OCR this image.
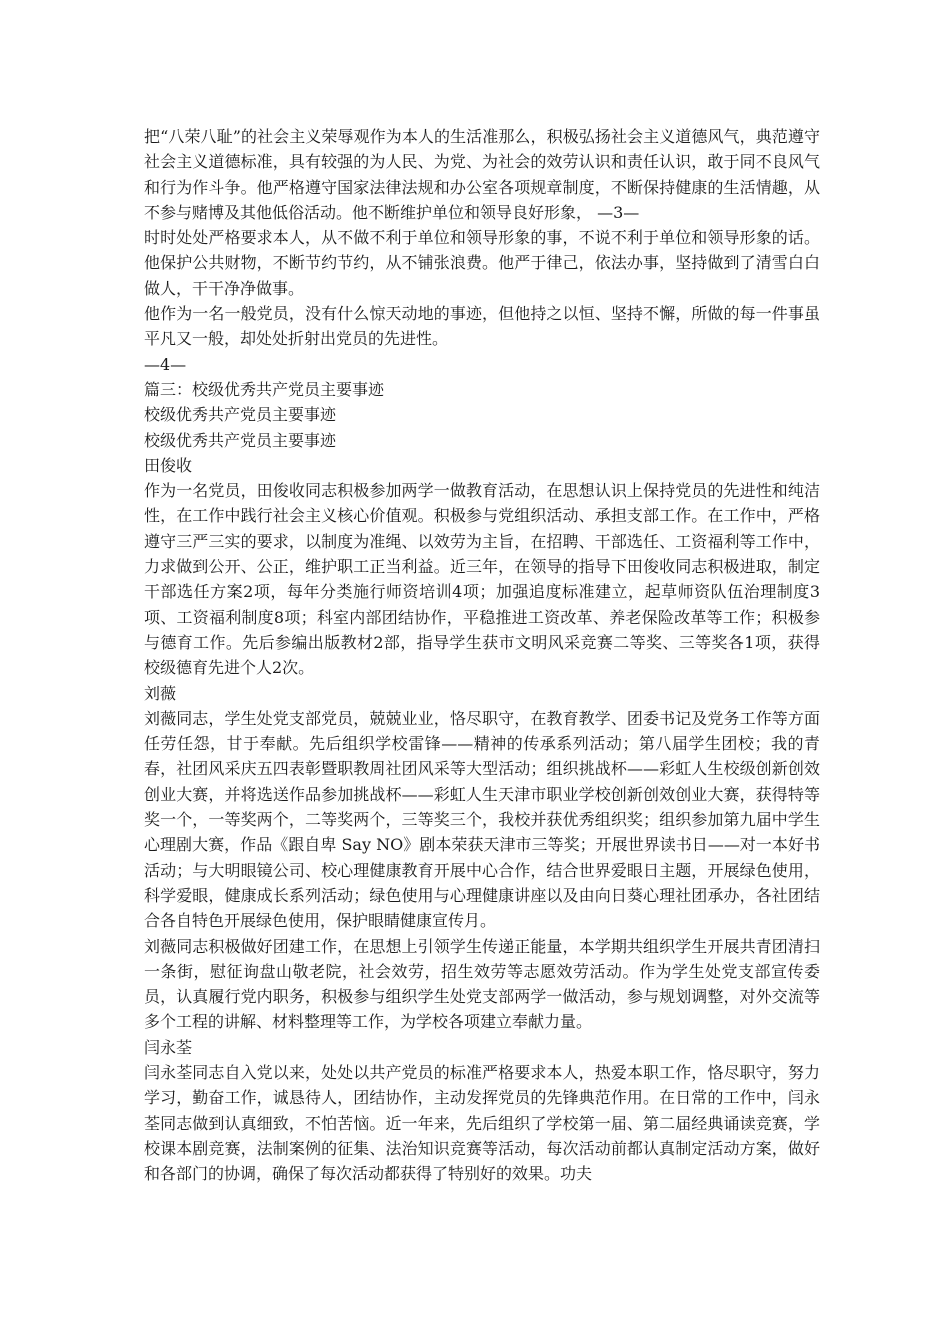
把“八荣八耻”的社会主义荣辱观作为本人的生活准那么，积极弘扬社会主义道德风气，典范遵守社会主义道德标准，具有较强的为人民、为党、为社会的效劳认识和责任认识，敢于同不良风气和行为作斗争。他严格遵守国家法律法规和办公室各项规章制度，不断保持健康的生活情趣，从不参与赌博及其他低俗活动。他不断维护单位和领导良好形象， —3—

时时处处严格要求本人，从不做不利于单位和领导形象的事，不说不利于单位和领导形象的话。他保护公共财物，不断节约节约，从不铺张浪费。他严于律己，依法办事，坚持做到了清雪白白做人，干干净净做事。

他作为一名一般党员，没有什么惊天动地的事迹，但他持之以恒、坚持不懈，所做的每一件事虽平凡又一般，却处处折射出党员的先进性。

—4—

篇三：校级优秀共产党员主要事迹

校级优秀共产党员主要事迹

校级优秀共产党员主要事迹

田俊收

作为一名党员，田俊收同志积极参加两学一做教育活动，在思想认识上保持党员的先进性和纯洁性，在工作中践行社会主义核心价值观。积极参与党组织活动、承担支部工作。在工作中，严格遵守三严三实的要求，以制度为准绳、以效劳为主旨，在招聘、干部选任、工资福利等工作中，力求做到公开、公正，维护职工正当利益。近三年，在领导的指导下田俊收同志积极进取，制定干部选任方案2项，每年分类施行师资培训4项；加强追度标准建立，起草师资队伍治理制度3项、工资福利制度8项；科室内部团结协作，平稳推进工资改革、养老保险改革等工作；积极参与德育工作。先后参编出版教材2部，指导学生获市文明风采竞赛二等奖、三等奖各1项，获得校级德育先进个人2次。

刘薇

刘薇同志，学生处党支部党员，兢兢业业，恪尽职守，在教育教学、团委书记及党务工作等方面任劳任怨，甘于奉献。先后组织学校雷锋——精神的传承系列活动；第八届学生团校；我的青春，社团风采庆五四表彰暨职教周社团风采等大型活动；组织挑战杯——彩虹人生校级创新创效创业大赛，并将选送作品参加挑战杯——彩虹人生天津市职业学校创新创效创业大赛，获得特等奖一个，一等奖两个，二等奖两个，三等奖三个，我校并获优秀组织奖；组织参加第九届中学生心理剧大赛，作品《跟自卑 Say NO》剧本荣获天津市三等奖；开展世界读书日——对一本好书活动；与大明眼镜公司、校心理健康教育开展中心合作，结合世界爱眼日主题，开展绿色使用，科学爱眼，健康成长系列活动；绿色使用与心理健康讲座以及由向日葵心理社团承办，各社团结合各自特色开展绿色使用，保护眼睛健康宣传月。

刘薇同志积极做好团建工作，在思想上引领学生传递正能量，本学期共组织学生开展共青团清扫一条街，慰征询盘山敬老院，社会效劳，招生效劳等志愿效劳活动。作为学生处党支部宣传委员，认真履行党内职务，积极参与组织学生处党支部两学一做活动，参与规划调整，对外交流等多个工程的讲解、材料整理等工作，为学校各项建立奉献力量。

闫永荃

闫永荃同志自入党以来，处处以共产党员的标准严格要求本人，热爱本职工作，恪尽职守，努力学习，勤奋工作，诚恳待人，团结协作，主动发挥党员的先锋典范作用。在日常的工作中，闫永荃同志做到认真细致，不怕苦恼。近一年来，先后组织了学校第一届、第二届经典诵读竞赛，学校课本剧竞赛，法制案例的征集、法治知识竞赛等活动，每次活动前都认真制定活动方案，做好和各部门的协调，确保了每次活动都获得了特别好的效果。功夫
